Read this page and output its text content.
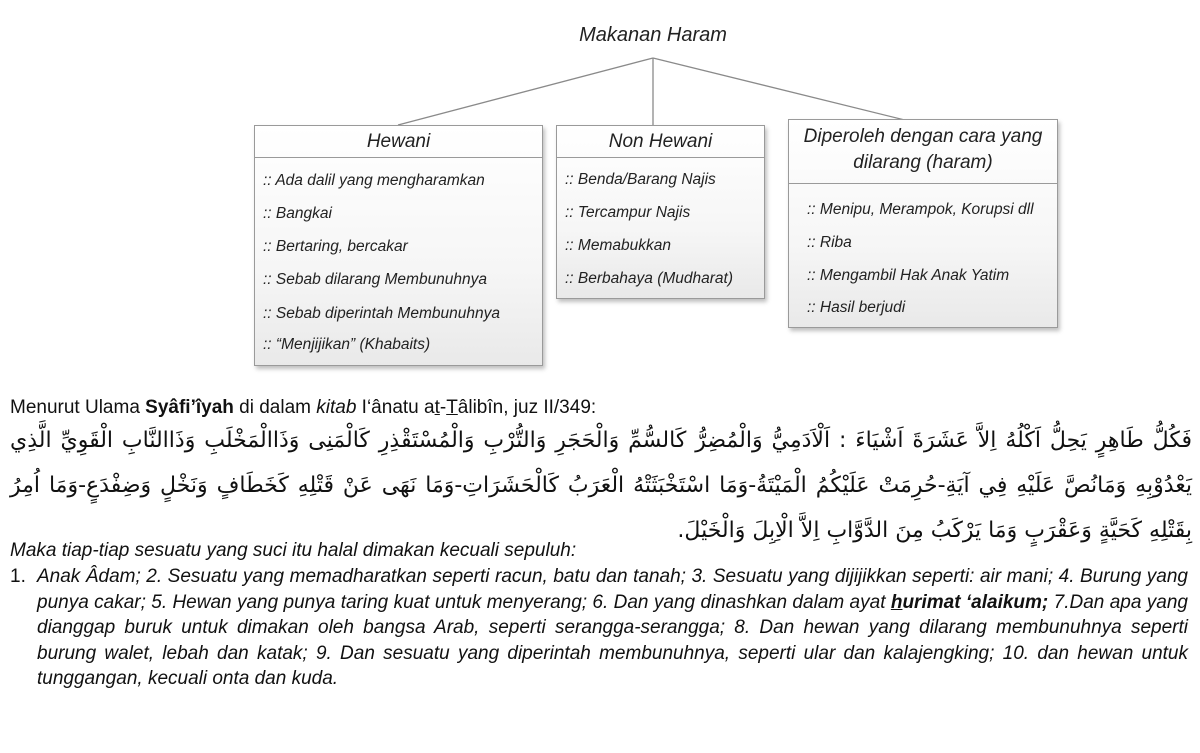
Makanan Haram
Hewani
:: Ada dalil yang mengharamkan
:: Bangkai
:: Bertaring, bercakar
:: Sebab dilarang Membunuhnya
:: Sebab diperintah Membunuhnya
:: “Menjijikan” (Khabaits)
Non Hewani
:: Benda/Barang Najis
:: Tercampur Najis
:: Memabukkan
:: Berbahaya (Mudharat)
Diperoleh dengan cara yang
dilarang (haram)
:: Menipu, Merampok, Korupsi dll
:: Riba
:: Mengambil Hak Anak Yatim
:: Hasil berjudi
Menurut Ulama Syâfi’îyah di dalam kitab I‘ânatu at-Tâlibîn, juz II/349:
فَكُلُّ طَاهِرٍ يَحِلُّ اَكْلُهُ اِلاَّ عَشَرَةَ اَشْيَاءَ : اَلْاَدَمِيُّ وَالْمُضِرُّ كَالسُّمِّ وَالْحَجَرِ وَالتُّرْبِ وَالْمُسْتَقْذِرِ كَالْمَنِى وَذَاالْمَخْلَبِ وَذَاالنَّابِ الْقَوِيِّ الَّذِي يَعْدُوْبِهِ وَمَانُصَّ عَلَيْهِ فِي آيَةِ-حُرِمَتْ عَلَيْكُمُ الْمَيْتَةُ-وَمَا اسْتَخْبَثَتْهُ الْعَرَبُ كَالْحَشَرَاتِ-وَمَا نَهَى عَنْ قَتْلِهِ كَخَطَافٍ وَنَخْلٍ وَضِفْدَعٍ-وَمَا اُمِرُ بِقَتْلِهِ كَحَيَّةٍ وَعَقْرَبٍ وَمَا يَرْكَبُ مِنَ الدَّوَّابِ اِلاَّ الْاِبِلَ وَالْخَيْلَ.
Maka tiap-tiap sesuatu yang suci itu halal dimakan kecuali sepuluh:
1. Anak Âdam; 2. Sesuatu yang memadharatkan seperti racun, batu dan tanah; 3. Sesuatu yang dijijikkan seperti: air mani; 4. Burung yang punya cakar; 5. Hewan yang punya taring kuat untuk menyerang; 6. Dan yang dinashkan dalam ayat hurimat ‘alaikum; 7.Dan apa yang dianggap buruk untuk dimakan oleh bangsa Arab, seperti serangga-serangga; 8. Dan hewan yang dilarang membunuhnya seperti burung walet, lebah dan katak; 9. Dan sesuatu yang diperintah membunuhnya, seperti ular dan kalajengking; 10. dan hewan untuk tunggangan, kecuali onta dan kuda.
